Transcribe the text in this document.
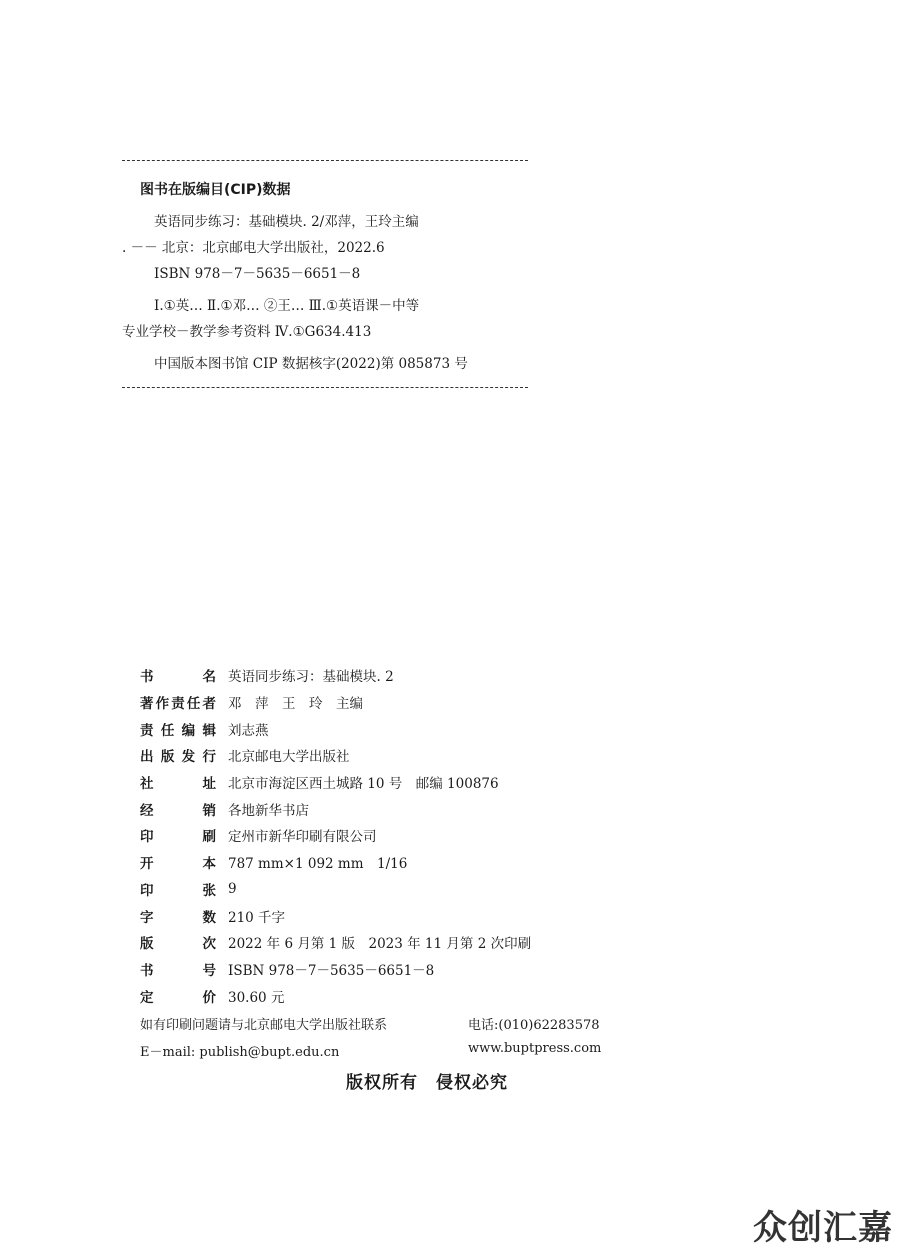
图书在版编目(CIP)数据
英语同步练习：基础模块. 2/邓萍，王玲主编
. －－ 北京：北京邮电大学出版社，2022.6
ISBN 978－7－5635－6651－8
Ⅰ.①英… Ⅱ.①邓… ②王… Ⅲ.①英语课－中等
专业学校－教学参考资料 Ⅳ.①G634.413
中国版本图书馆 CIP 数据核字(2022)第 085873 号
书名	英语同步练习：基础模块. 2
著作责任者	邓　萍　王　玲　主编
责任编辑	刘志燕
出版发行	北京邮电大学出版社
社址	北京市海淀区西土城路 10 号　邮编 100876
经销	各地新华书店
印刷	定州市新华印刷有限公司
开本	787 mm×1 092 mm　1/16
印张	9
字数	210 千字
版次	2022 年 6 月第 1 版　2023 年 11 月第 2 次印刷
书号	ISBN 978－7－5635－6651－8
定价	30.60 元
如有印刷问题请与北京邮电大学出版社联系	电话:(010)62283578
E－mail: publish@bupt.edu.cn	www.buptpress.com
版权所有　侵权必究
众创汇嘉
